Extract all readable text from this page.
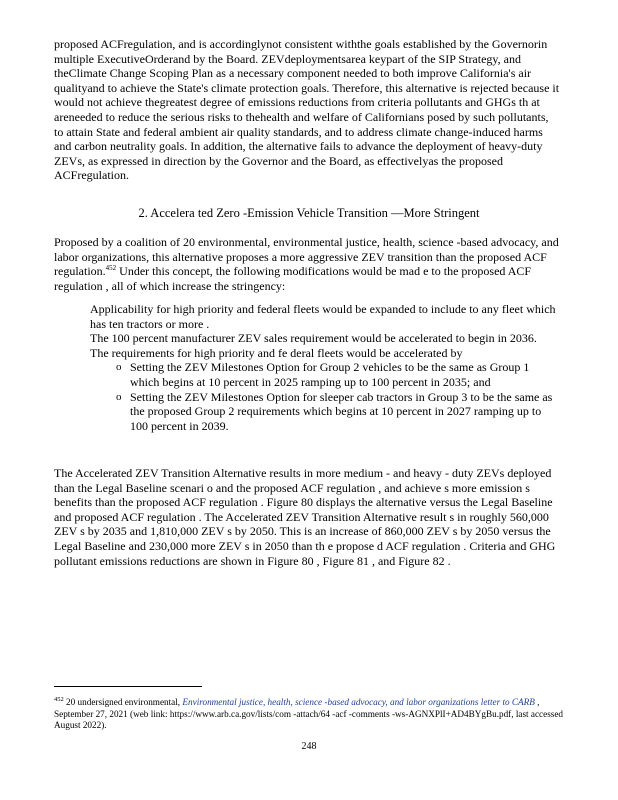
proposed ACFregulation, and is accordinglynot consistent withthe goals established by the Governorin multiple ExecutiveOrderand by the Board. ZEVdeploymentsarea keypart of the SIP Strategy, and theClimate Change Scoping Plan as a necessary component needed to both improve California's air qualityand to achieve the State's climate protection goals. Therefore, this alternative is rejected because it would not achieve thegreatest degree of emissions reductions from criteria pollutants and GHGs th at areneeded to reduce the serious risks to thehealth and welfare of Californians posed by such pollutants, to attain State and federal ambient air quality standards, and to address climate change-induced harms and carbon neutrality goals. In addition, the alternative fails to advance the deployment of heavy-duty ZEVs, as expressed in direction by the Governor and the Board, as effectivelyas the proposed ACFregulation.

2. Accelera ted Zero -Emission Vehicle Transition —More Stringent

Proposed by a coalition of 20 environmental, environmental justice, health, science -based advocacy, and labor organizations, this alternative proposes a more aggressive ZEV transition than the proposed ACF regulation.$^{452}$ Under this concept, the following modifications would be mad e to the proposed ACF regulation , all of which increase the stringency:

Applicability for high priority and federal fleets would be expanded to include to any fleet which has ten tractors or more .
The 100 percent manufacturer ZEV sales requirement would be accelerated to begin in 2036.
The requirements for high priority and fe deral fleets would be accelerated by
o Setting the ZEV Milestones Option for Group 2 vehicles to be the same as Group 1 which begins at 10 percent in 2025 ramping up to 100 percent in 2035; and
o Setting the ZEV Milestones Option for sleeper cab tractors in Group 3 to be the same as the proposed Group 2 requirements which begins at 10 percent in 2027 ramping up to 100 percent in 2039.

The Accelerated ZEV Transition Alternative results in more medium - and heavy - duty ZEVs deployed than the Legal Baseline scenari o and the proposed ACF regulation , and achieve s more emission s benefits than the proposed ACF regulation . Figure 80 displays the alternative versus the Legal Baseline and proposed ACF regulation . The Accelerated ZEV Transition Alternative result s in roughly 560,000 ZEV s by 2035 and 1,810,000 ZEV s by 2050. This is an increase of 860,000 ZEV s by 2050 versus the Legal Baseline and 230,000 more ZEV s in 2050 than th e propose d ACF regulation . Criteria and GHG pollutant emissions reductions are shown in Figure 80 , Figure 81 , and Figure 82 .

$^{452}$ 20 undersigned environmental, Environmental justice, health, science -based advocacy, and labor organizations letter to CARB , September 27, 2021 (web link: https://www.arb.ca.gov/lists/com -attach/64 -acf -comments -ws-AGNXPlI+AD4BYgBu.pdf, last accessed August 2022).

248
